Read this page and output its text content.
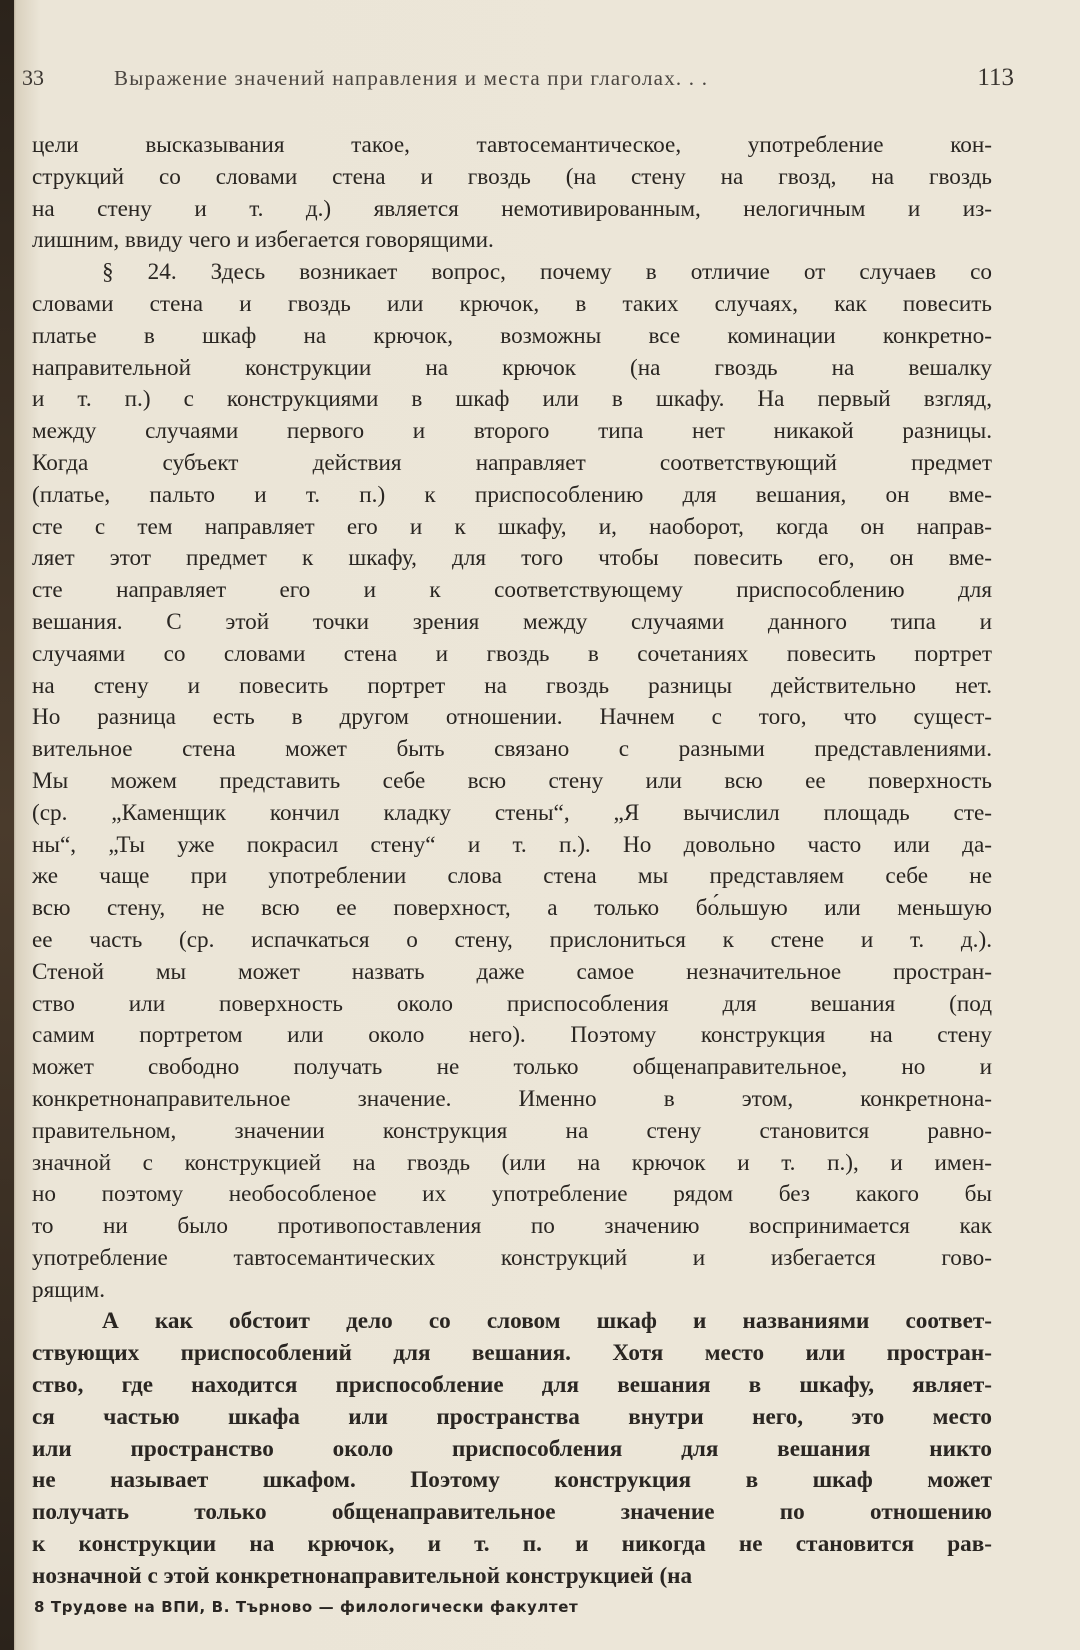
33	Выражение значений направления и места при глаголах. . .	113
цели высказывания такое, тавтосемантическое, употребление кон-
струкций со словами стена и гвоздь (на стену на гвозд, на гвоздь
на стену и т. д.) является немотивированным, нелогичным и из-
лишним, ввиду чего и избегается говорящими.
§ 24. Здесь возникает вопрос, почему в отличие от случаев со
словами стена и гвоздь или крючок, в таких случаях, как повесить
платье в шкаф на крючок, возможны все коминации конкретно-
направительной конструкции на крючок (на гвоздь на вешалку
и т. п.) с конструкциями в шкаф или в шкафу. На первый взгляд,
между случаями первого и второго типа нет никакой разницы.
Когда субъект действия направляет соответствующий предмет
(платье, пальто и т. п.) к приспособлению для вешания, он вме-
сте с тем направляет его и к шкафу, и, наоборот, когда он направ-
ляет этот предмет к шкафу, для того чтобы повесить его, он вме-
сте направляет его и к соответствующему приспособлению для
вешания. С этой точки зрения между случаями данного типа и
случаями со словами стена и гвоздь в сочетаниях повесить портрет
на стену и повесить портрет на гвоздь разницы действительно нет.
Но разница есть в другом отношении. Начнем с того, что сущест-
вительное стена может быть связано с разными представлениями.
Мы можем представить себе всю стену или всю ее поверхность
(ср. „Каменщик кончил кладку стены“, „Я вычислил площадь сте-
ны“, „Ты уже покрасил стену“ и т. п.). Но довольно часто или да-
же чаще при употреблении слова стена мы представляем себе не
всю стену, не всю ее поверхност, а только бо́льшую или меньшую
ее часть (ср. испачкаться о стену, прислониться к стене и т. д.).
Стеной мы может назвать даже самое незначительное простран-
ство или поверхность около приспособления для вешания (под
самим портретом или около него). Поэтому конструкция на стену
может свободно получать не только общенаправительное, но и
конкретнонаправительное значение. Именно в этом, конкретнона-
правительном, значении конструкция на стену становится равно-
значной с конструкцией на гвоздь (или на крючок и т. п.), и имен-
но поэтому необособленое их употребление рядом без какого бы
то ни было противопоставления по значению воспринимается как
употребление тавтосемантических конструкций и избегается гово-
рящим.
А как обстоит дело со словом шкаф и названиями соответ-
ствующих приспособлений для вешания. Хотя место или простран-
ство, где находится приспособление для вешания в шкафу, являет-
ся частью шкафа или пространства внутри него, это место
или пространство около приспособления для вешания никто
не называет шкафом. Поэтому конструкция в шкаф может
получать только общенаправительное значение по отношению
к конструкции на крючок, и т. п. и никогда не становится рав-
нозначной с этой конкретнонаправительной конструкцией (на
8 Трудове на ВПИ, В. Търново — филологически факултет
